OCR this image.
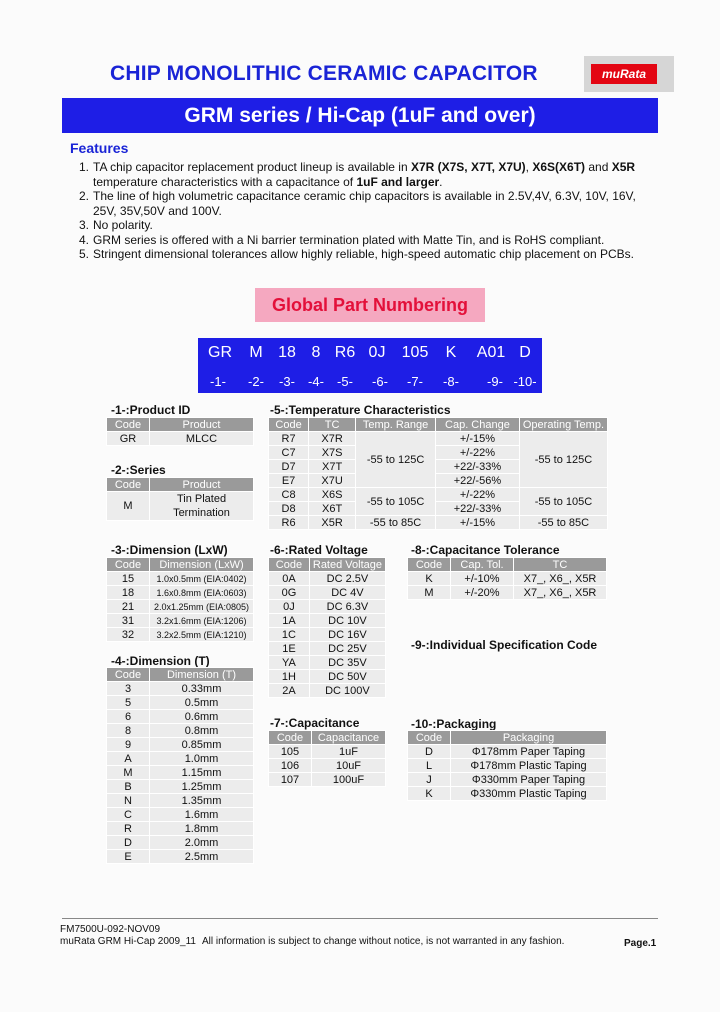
CHIP MONOLITHIC CERAMIC CAPACITOR	muRata
GRM series / Hi-Cap (1uF and over)
Features
1. TA chip capacitor replacement product lineup is available in X7R (X7S, X7T, X7U), X6S(X6T) and X5R
temperature characteristics with a capacitance of 1uF and larger.
2. The line of high volumetric capacitance ceramic chip capacitors is available in 2.5V,4V, 6.3V, 10V, 16V,
25V, 35V,50V and 100V.
3. No polarity.
4. GRM series is offered with a Ni barrier termination plated with Matte Tin, and is RoHS compliant.
5. Stringent dimensional tolerances allow highly reliable, high-speed automatic chip placement on PCBs.
Global Part Numbering
GR M 18 8 R6 0J 105 K A01 D
-1- -2- -3- -4- -5- -6- -7- -8- -9- -10-
-1-:Product ID
Code	Product
GR	MLCC
-2-:Series
Code	Product
M	Tin Plated
Termination
-3-:Dimension (LxW)
Code	Dimension (LxW)
15	1.0x0.5mm (EIA:0402)
18	1.6x0.8mm (EIA:0603)
21	2.0x1.25mm (EIA:0805)
31	3.2x1.6mm (EIA:1206)
32	3.2x2.5mm (EIA:1210)
-4-:Dimension (T)
Code	Dimension (T)
3	0.33mm
5	0.5mm
6	0.6mm
8	0.8mm
9	0.85mm
A	1.0mm
M	1.15mm
B	1.25mm
N	1.35mm
C	1.6mm
R	1.8mm
D	2.0mm
E	2.5mm
-5-:Temperature Characteristics
Code	TC	Temp. Range	Cap. Change	Operating Temp.
R7	X7R	-55 to 125C	+/-15%	-55 to 125C
C7	X7S		+/-22%	
D7	X7T		+22/-33%	
E7	X7U		+22/-56%	
C8	X6S	-55 to 105C	+/-22%	-55 to 105C
D8	X6T		+22/-33%	
R6	X5R	-55 to 85C	+/-15%	-55 to 85C
-6-:Rated Voltage
Code	Rated Voltage
0A	DC 2.5V
0G	DC 4V
0J	DC 6.3V
1A	DC 10V
1C	DC 16V
1E	DC 25V
YA	DC 35V
1H	DC 50V
2A	DC 100V
-7-:Capacitance
Code	Capacitance
105	1uF
106	10uF
107	100uF
-8-:Capacitance Tolerance
Code	Cap. Tol.	TC
K	+/-10%	X7_, X6_, X5R
M	+/-20%	X7_, X6_, X5R
-9-:Individual Specification Code
-10-:Packaging
Code	Packaging
D	Φ178mm Paper Taping
L	Φ178mm Plastic Taping
J	Φ330mm Paper Taping
K	Φ330mm Plastic Taping
FM7500U-092-NOV09
muRata GRM Hi-Cap 2009_11 All information is subject to change without notice, is not warranted in any fashion.	Page.1
